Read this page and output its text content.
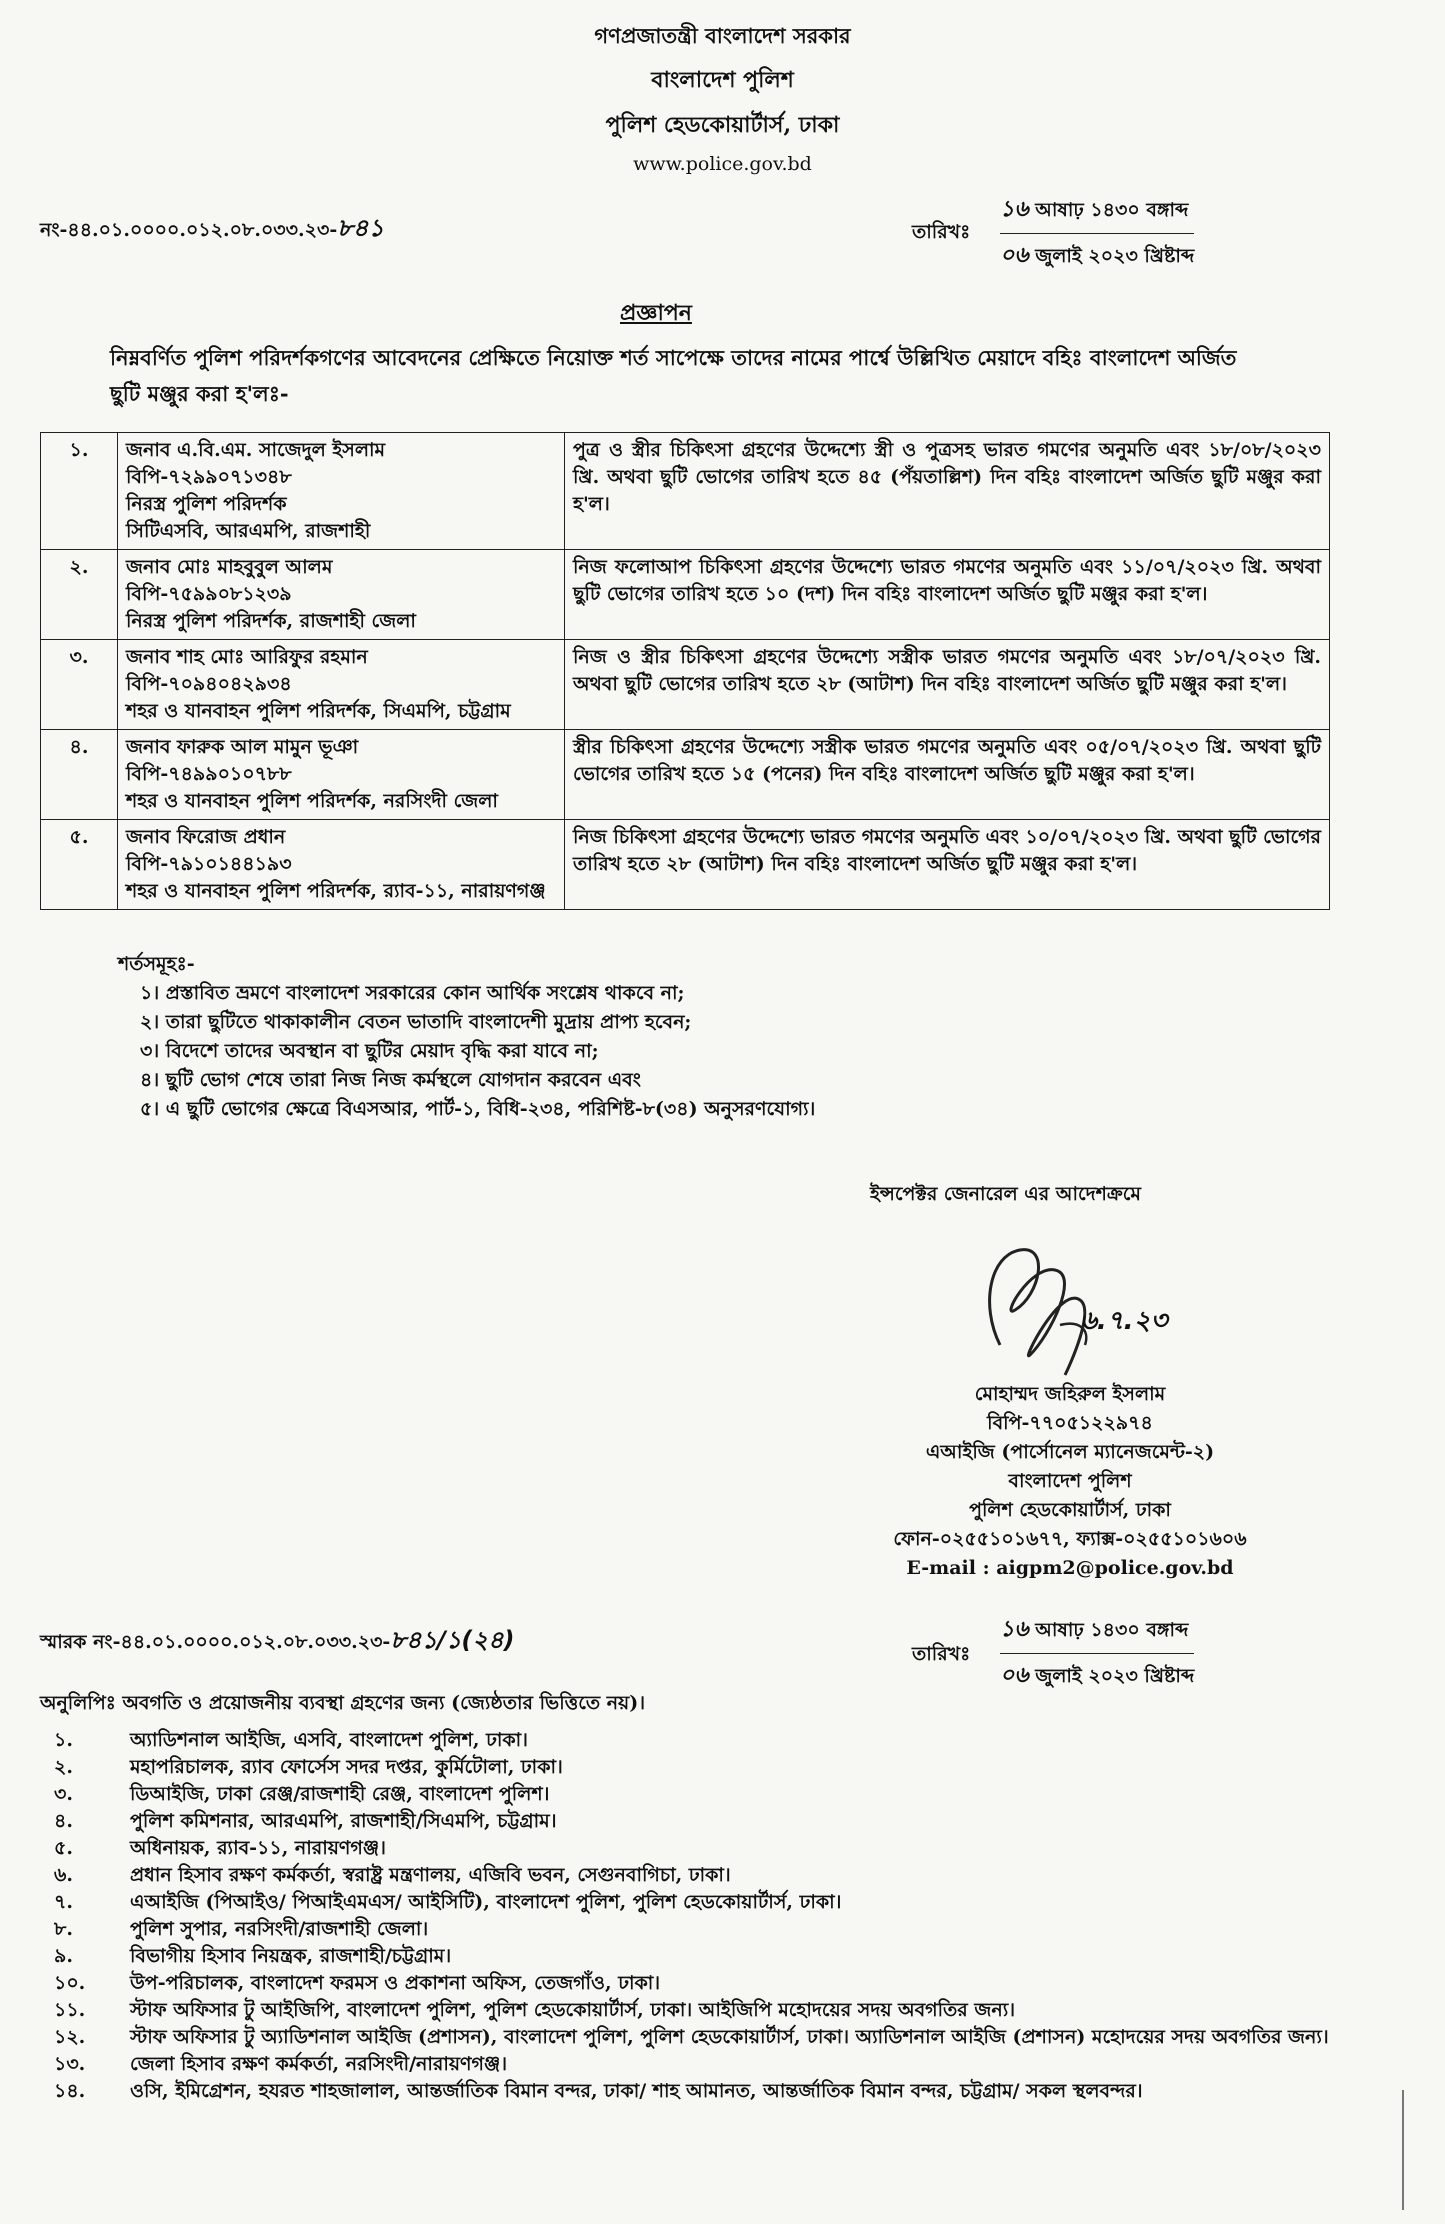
গণপ্রজাতন্ত্রী বাংলাদেশ সরকার
বাংলাদেশ পুলিশ
পুলিশ হেডকোয়ার্টার্স, ঢাকা
www.police.gov.bd
নং-৪৪.০১.০০০০.০১২.০৮.০৩৩.২৩-৮৪১	তারিখঃ
১৬ আষাঢ় ১৪৩০ বঙ্গাব্দ
০৬ জুলাই ২০২৩ খ্রিষ্টাব্দ
প্রজ্ঞাপন
নিম্নবর্ণিত পুলিশ পরিদর্শকগণের আবেদনের প্রেক্ষিতে নিয়োক্ত শর্ত সাপেক্ষে তাদের নামের পার্শ্বে উল্লিখিত মেয়াদে বহিঃ বাংলাদেশ অর্জিত ছুটি মঞ্জুর করা হ'লঃ-
১.	জনাব এ.বি.এম. সাজেদুল ইসলাম
বিপি-৭২৯৯০৭১৩৪৮
নিরস্ত্র পুলিশ পরিদর্শক
সিটিএসবি, আরএমপি, রাজশাহী	পুত্র ও স্ত্রীর চিকিৎসা গ্রহণের উদ্দেশ্যে স্ত্রী ও পুত্রসহ ভারত গমণের অনুমতি এবং ১৮/০৮/২০২৩ খ্রি. অথবা ছুটি ভোগের তারিখ হতে ৪৫ (পঁয়তাল্লিশ) দিন বহিঃ বাংলাদেশ অর্জিত ছুটি মঞ্জুর করা হ'ল।
২.	জনাব মোঃ মাহবুবুল আলম
বিপি-৭৫৯৯০৮১২৩৯
নিরস্ত্র পুলিশ পরিদর্শক, রাজশাহী জেলা	নিজ ফলোআপ চিকিৎসা গ্রহণের উদ্দেশ্যে ভারত গমণের অনুমতি এবং ১১/০৭/২০২৩ খ্রি. অথবা ছুটি ভোগের তারিখ হতে ১০ (দশ) দিন বহিঃ বাংলাদেশ অর্জিত ছুটি মঞ্জুর করা হ'ল।
৩.	জনাব শাহ মোঃ আরিফুর রহমান
বিপি-৭০৯৪০৪২৯৩৪
শহর ও যানবাহন পুলিশ পরিদর্শক, সিএমপি, চট্টগ্রাম	নিজ ও স্ত্রীর চিকিৎসা গ্রহণের উদ্দেশ্যে সস্ত্রীক ভারত গমণের অনুমতি এবং ১৮/০৭/২০২৩ খ্রি. অথবা ছুটি ভোগের তারিখ হতে ২৮ (আটাশ) দিন বহিঃ বাংলাদেশ অর্জিত ছুটি মঞ্জুর করা হ'ল।
৪.	জনাব ফারুক আল মামুন ভূঞা
বিপি-৭৪৯৯০১০৭৮৮
শহর ও যানবাহন পুলিশ পরিদর্শক, নরসিংদী জেলা	স্ত্রীর চিকিৎসা গ্রহণের উদ্দেশ্যে সস্ত্রীক ভারত গমণের অনুমতি এবং ০৫/০৭/২০২৩ খ্রি. অথবা ছুটি ভোগের তারিখ হতে ১৫ (পনের) দিন বহিঃ বাংলাদেশ অর্জিত ছুটি মঞ্জুর করা হ'ল।
৫.	জনাব ফিরোজ প্রধান
বিপি-৭৯১০১৪৪১৯৩
শহর ও যানবাহন পুলিশ পরিদর্শক, র‍্যাব-১১, নারায়ণগঞ্জ	নিজ চিকিৎসা গ্রহণের উদ্দেশ্যে ভারত গমণের অনুমতি এবং ১০/০৭/২০২৩ খ্রি. অথবা ছুটি ভোগের তারিখ হতে ২৮ (আটাশ) দিন বহিঃ বাংলাদেশ অর্জিত ছুটি মঞ্জুর করা হ'ল।
শর্তসমূহঃ-
১। প্রস্তাবিত ভ্রমণে বাংলাদেশ সরকারের কোন আর্থিক সংশ্লেষ থাকবে না;
২। তারা ছুটিতে থাকাকালীন বেতন ভাতাদি বাংলাদেশী মুদ্রায় প্রাপ্য হবেন;
৩। বিদেশে তাদের অবস্থান বা ছুটির মেয়াদ বৃদ্ধি করা যাবে না;
৪। ছুটি ভোগ শেষে তারা নিজ নিজ কর্মস্থলে যোগদান করবেন এবং
৫। এ ছুটি ভোগের ক্ষেত্রে বিএসআর, পার্ট-১, বিধি-২৩৪, পরিশিষ্ট-৮(৩৪) অনুসরণযোগ্য।
ইন্সপেক্টর জেনারেল এর আদেশক্রমে
৬.৭.২৩
মোহাম্মদ জহিরুল ইসলাম
বিপি-৭৭০৫১২২৯৭৪
এআইজি (পার্সোনেল ম্যানেজমেন্ট-২)
বাংলাদেশ পুলিশ
পুলিশ হেডকোয়ার্টার্স, ঢাকা
ফোন-০২৫৫১০১৬৭৭, ফ্যাক্স-০২৫৫১০১৬০৬
E-mail : aigpm2@police.gov.bd
স্মারক নং-৪৪.০১.০০০০.০১২.০৮.০৩৩.২৩-৮৪১/১(২৪)	তারিখঃ
১৬ আষাঢ় ১৪৩০ বঙ্গাব্দ
০৬ জুলাই ২০২৩ খ্রিষ্টাব্দ
অনুলিপিঃ অবগতি ও প্রয়োজনীয় ব্যবস্থা গ্রহণের জন্য (জ্যেষ্ঠতার ভিত্তিতে নয়)।
১.	অ্যাডিশনাল আইজি, এসবি, বাংলাদেশ পুলিশ, ঢাকা।
২.	মহাপরিচালক, র‍্যাব ফোর্সেস সদর দপ্তর, কুর্মিটোলা, ঢাকা।
৩.	ডিআইজি, ঢাকা রেঞ্জ/রাজশাহী রেঞ্জ, বাংলাদেশ পুলিশ।
৪.	পুলিশ কমিশনার, আরএমপি, রাজশাহী/সিএমপি, চট্টগ্রাম।
৫.	অধিনায়ক, র‍্যাব-১১, নারায়ণগঞ্জ।
৬.	প্রধান হিসাব রক্ষণ কর্মকর্তা, স্বরাষ্ট্র মন্ত্রণালয়, এজিবি ভবন, সেগুনবাগিচা, ঢাকা।
৭.	এআইজি (পিআইও/ পিআইএমএস/ আইসিটি), বাংলাদেশ পুলিশ, পুলিশ হেডকোয়ার্টার্স, ঢাকা।
৮.	পুলিশ সুপার, নরসিংদী/রাজশাহী জেলা।
৯.	বিভাগীয় হিসাব নিয়ন্ত্রক, রাজশাহী/চট্টগ্রাম।
১০.	উপ-পরিচালক, বাংলাদেশ ফরমস ও প্রকাশনা অফিস, তেজগাঁও, ঢাকা।
১১.	স্টাফ অফিসার টু আইজিপি, বাংলাদেশ পুলিশ, পুলিশ হেডকোয়ার্টার্স, ঢাকা। আইজিপি মহোদয়ের সদয় অবগতির জন্য।
১২.	স্টাফ অফিসার টু অ্যাডিশনাল আইজি (প্রশাসন), বাংলাদেশ পুলিশ, পুলিশ হেডকোয়ার্টার্স, ঢাকা। অ্যাডিশনাল আইজি (প্রশাসন) মহোদয়ের সদয় অবগতির জন্য।
১৩.	জেলা হিসাব রক্ষণ কর্মকর্তা, নরসিংদী/নারায়ণগঞ্জ।
১৪.	ওসি, ইমিগ্রেশন, হযরত শাহজালাল, আন্তর্জাতিক বিমান বন্দর, ঢাকা/ শাহ আমানত, আন্তর্জাতিক বিমান বন্দর, চট্টগ্রাম/ সকল স্থলবন্দর।
